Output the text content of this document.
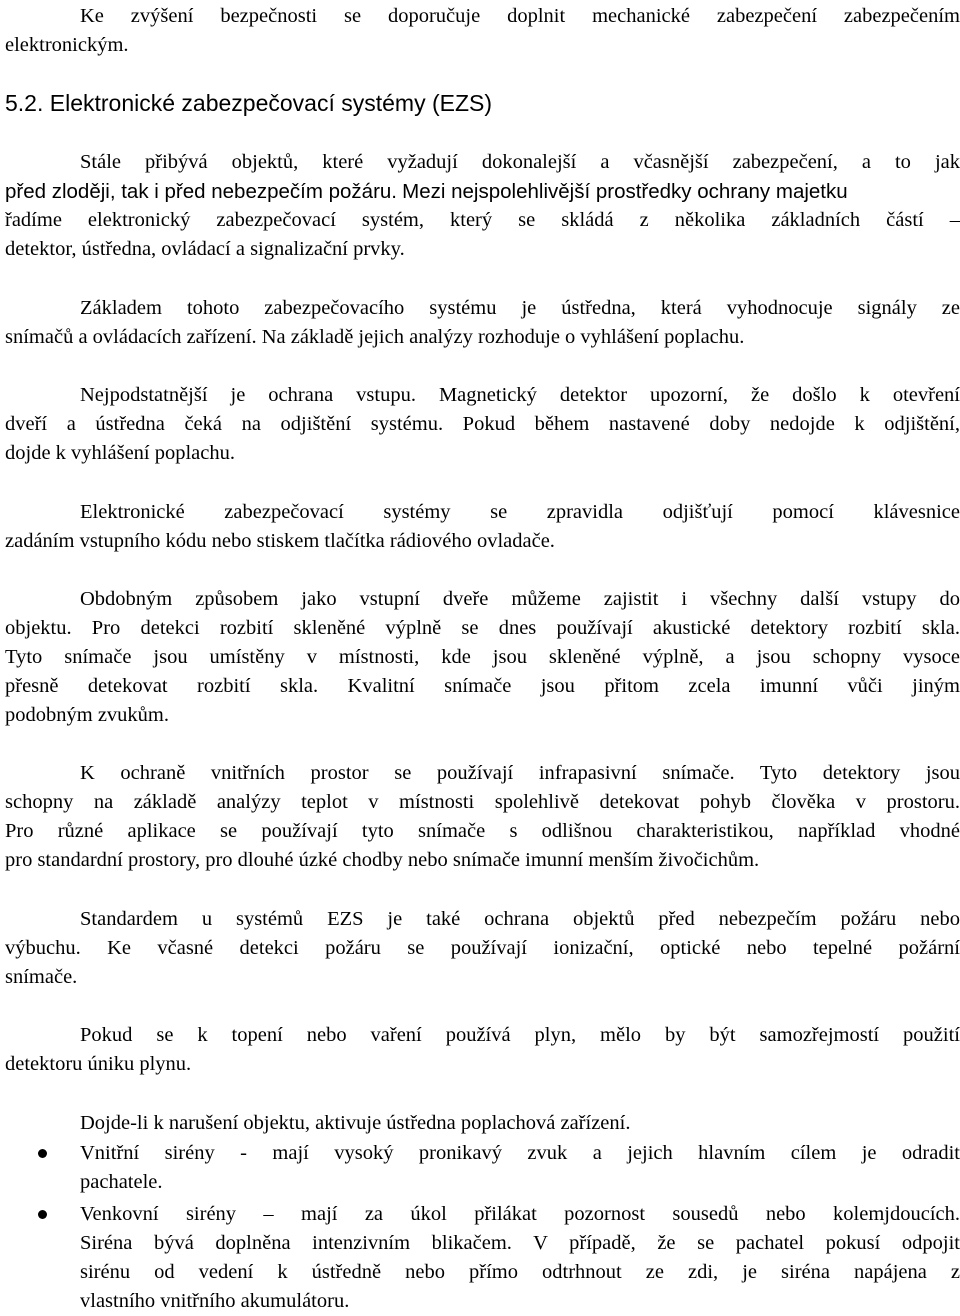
Ke zvýšení bezpečnosti se doporučuje doplnit mechanické zabezpečení zabezpečením
elektronickým.
5.2. Elektronické zabezpečovací systémy (EZS)
Stále přibývá objektů, které vyžadují dokonalejší a včasnější zabezpečení, a to jak
před zloději, tak i před nebezpečím požáru. Mezi nejspolehlivější prostředky ochrany majetku
řadíme elektronický zabezpečovací systém, který se skládá z několika základních částí –
detektor, ústředna, ovládací a signalizační prvky.
Základem tohoto zabezpečovacího systému je ústředna, která vyhodnocuje signály ze
snímačů a ovládacích zařízení. Na základě jejich analýzy rozhoduje o vyhlášení poplachu.
Nejpodstatnější je ochrana vstupu. Magnetický detektor upozorní, že došlo k otevření
dveří a ústředna čeká na odjištění systému. Pokud během nastavené doby nedojde k odjištění,
dojde k vyhlášení poplachu.
Elektronické zabezpečovací systémy se zpravidla odjišťují pomocí klávesnice
zadáním vstupního kódu nebo stiskem tlačítka rádiového ovladače.
Obdobným způsobem jako vstupní dveře můžeme zajistit i všechny další vstupy do
objektu. Pro detekci rozbití skleněné výplně se dnes používají akustické detektory rozbití skla.
Tyto snímače jsou umístěny v místnosti, kde jsou skleněné výplně, a jsou schopny vysoce
přesně detekovat rozbití skla. Kvalitní snímače jsou přitom zcela imunní vůči jiným
podobným zvukům.
K ochraně vnitřních prostor se používají infrapasivní snímače. Tyto detektory jsou
schopny na základě analýzy teplot v místnosti spolehlivě detekovat pohyb člověka v prostoru.
Pro různé aplikace se používají tyto snímače s odlišnou charakteristikou, například vhodné
pro standardní prostory, pro dlouhé úzké chodby nebo snímače imunní menším živočichům.
Standardem u systémů EZS je také ochrana objektů před nebezpečím požáru nebo
výbuchu. Ke včasné detekci požáru se používají ionizační, optické nebo tepelné požární
snímače.
Pokud se k topení nebo vaření používá plyn, mělo by být samozřejmostí použití
detektoru úniku plynu.
Dojde-li k narušení objektu, aktivuje ústředna poplachová zařízení.
Vnitřní sirény - mají vysoký pronikavý zvuk a jejich hlavním cílem je odradit
pachatele.
Venkovní sirény – mají za úkol přilákat pozornost sousedů nebo kolemjdoucích.
Siréna bývá doplněna intenzivním blikačem. V případě, že se pachatel pokusí odpojit
sirénu od vedení k ústředně nebo přímo odtrhnout ze zdi, je siréna napájena z
vlastního vnitřního akumulátoru.
